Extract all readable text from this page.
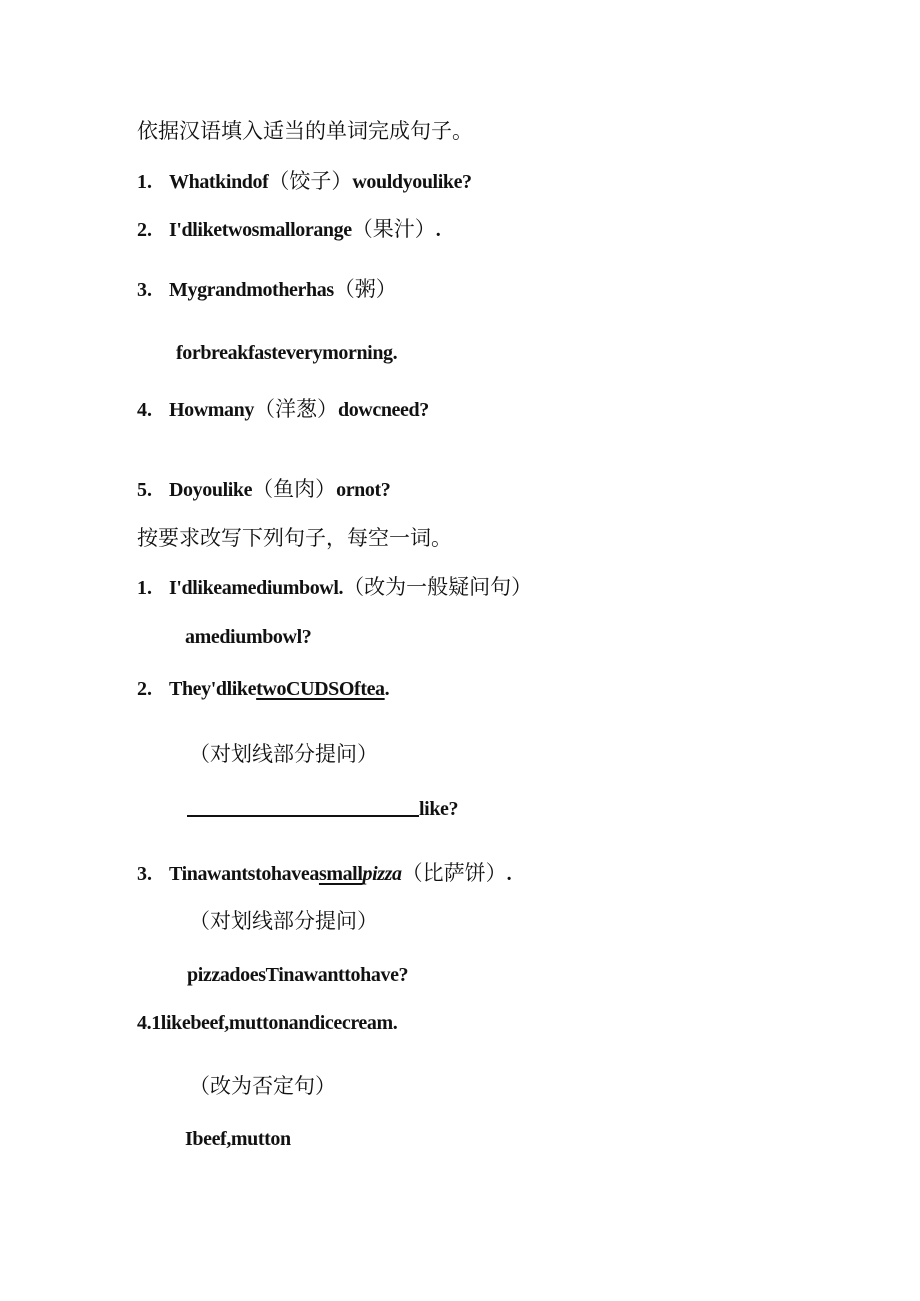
依据汉语填入适当的单词完成句子。
1. Whatkindof（饺子）wouldyoulike?
2. I'dliketwosmallorange（果汁）.
3. Mygrandmotherhas（粥）
forbreakfasteverymorning.
4. Howmany（洋葱）dowcneed?
5. Doyoulike（鱼肉）ornot?
按要求改写下列句子，每空一词。
1. I'dlikeamediumbowl.（改为一般疑问句）
amediumbowl?
2. They'dliketwoCUDSOftea.
（对划线部分提问）
like?
3. Tinawantstohaveasmallpizza（比萨饼）.
（对划线部分提问）
pizzadoesTinawanttohave?
4.1likebeef,muttonandicecream.
（改为否定句）
Ibeef,mutton
